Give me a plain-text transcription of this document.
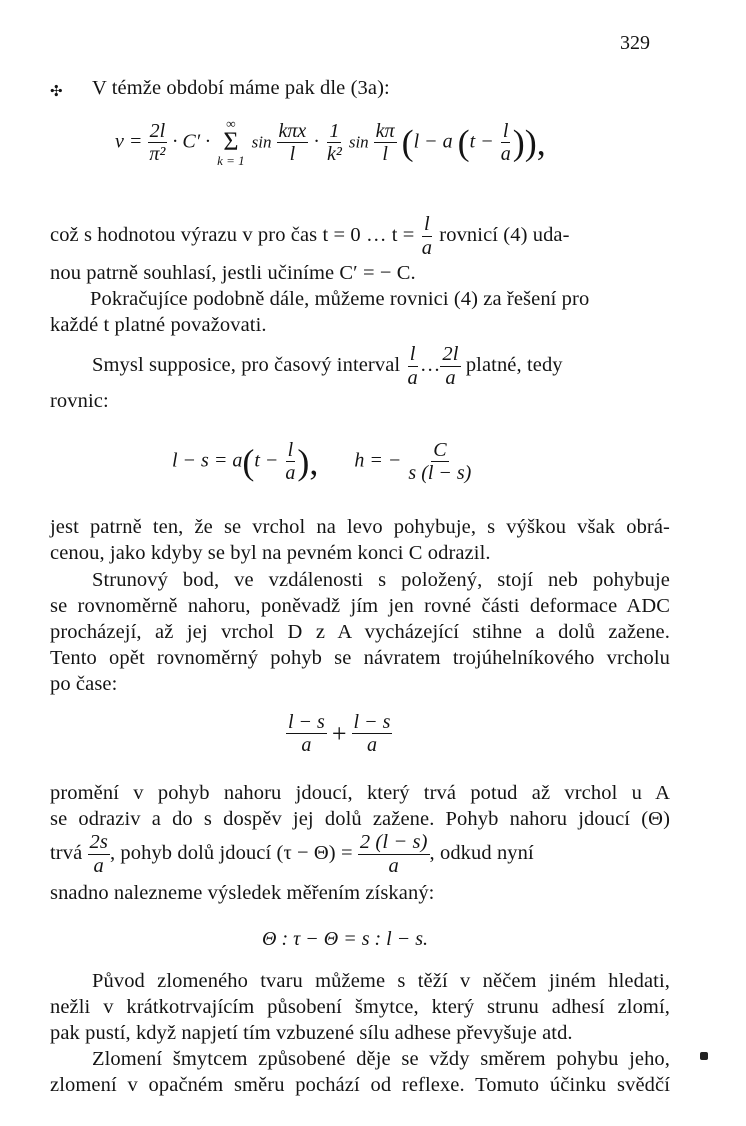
329
✣ V témže období máme pak dle (3a):
$v = \frac{2l}{\text{π²}} \cdot C'$ ·
∞
Σ
k = 1
$\sin \frac{\text{kπx}}{l} \cdot \frac{1}{\text{k²}}$ $\sin \frac{k\pi}{l} (l - a$ ($t - \frac{l}{a}$ )),
což s hodnotou výrazu v pro čas t = 0 … $t = \frac{l}{a}$ rovnicí (4) uda-
nou patrně souhlasí, jestli učiníme C′ = − C.
Pokračujíce podobně dále, můžeme rovnici (4) za řešení pro
každé t platné považovati.
Smysl supposice, pro časový interval $\frac{l}{a}$ … $\frac{2l}{a}$ platné, tedy
rovnic:
$l - s = a(t - \frac{l}{a}$ ), h = − $\frac{C}{s (l - s)}$
jest patrně ten, že se vrchol na levo pohybuje, s výškou však obrá-
cenou, jako kdyby se byl na pevném konci C odrazil.
Strunový bod, ve vzdálenosti s položený, stojí neb pohybuje
se rovnoměrně nahoru, poněvadž jím jen rovné části deformace ADC
procházejí, až jej vrchol D z A vycházející stihne a dolů zažene.
Tento opět rovnoměrný pohyb se návratem trojúhelníkového vrcholu
po čase:
$\frac{l - s}{a} + \frac{l - s}{a}$
promění v pohyb nahoru jdoucí, který trvá potud až vrchol u A
se odraziv a do s dospěv jej dolů zažene. Pohyb nahoru jdoucí (Θ)
trvá $\frac{2s}{a}$ , pohyb dolů jdoucí $(\tau - \Theta) = \frac{2 (l - s)}{a}$ , odkud nyní
snadno nalezneme výsledek měřením získaný:
Θ : τ − Θ = s : l − s.
Původ zlomeného tvaru můžeme s těží v něčem jiném hledati,
nežli v krátkotrvajícím působení šmytce, který strunu adhesí zlomí,
pak pustí, když napjetí tím vzbuzené sílu adhese převyšuje atd.
Zlomení šmytcem způsobené děje se vždy směrem pohybu jeho,
zlomení v opačném směru pochází od reflexe. Tomuto účinku svědčí
